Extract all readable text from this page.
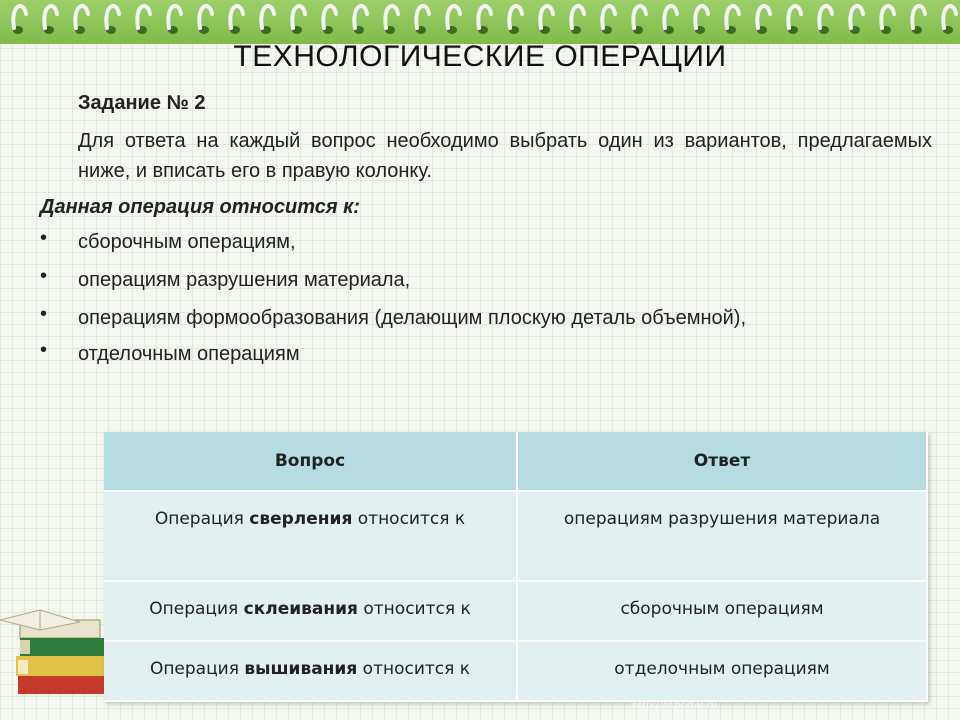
ТЕХНОЛОГИЧЕСКИЕ ОПЕРАЦИИ
Задание № 2
Для ответа на каждый вопрос необходимо выбрать один из вариантов, предлагаемых ниже, и вписать его в правую колонку.
Данная операция относится к:
• сборочным операциям,
• операциям разрушения материала,
• операциям формообразования (делающим плоскую деталь объемной),
• отделочным операциям
Вопрос	Ответ
Операция сверления относится к	операциям разрушения материала
Операция склеивания относится к	сборочным операциям
Операция вышивания относится к	отделочным операциям
http://nsportal.ru
